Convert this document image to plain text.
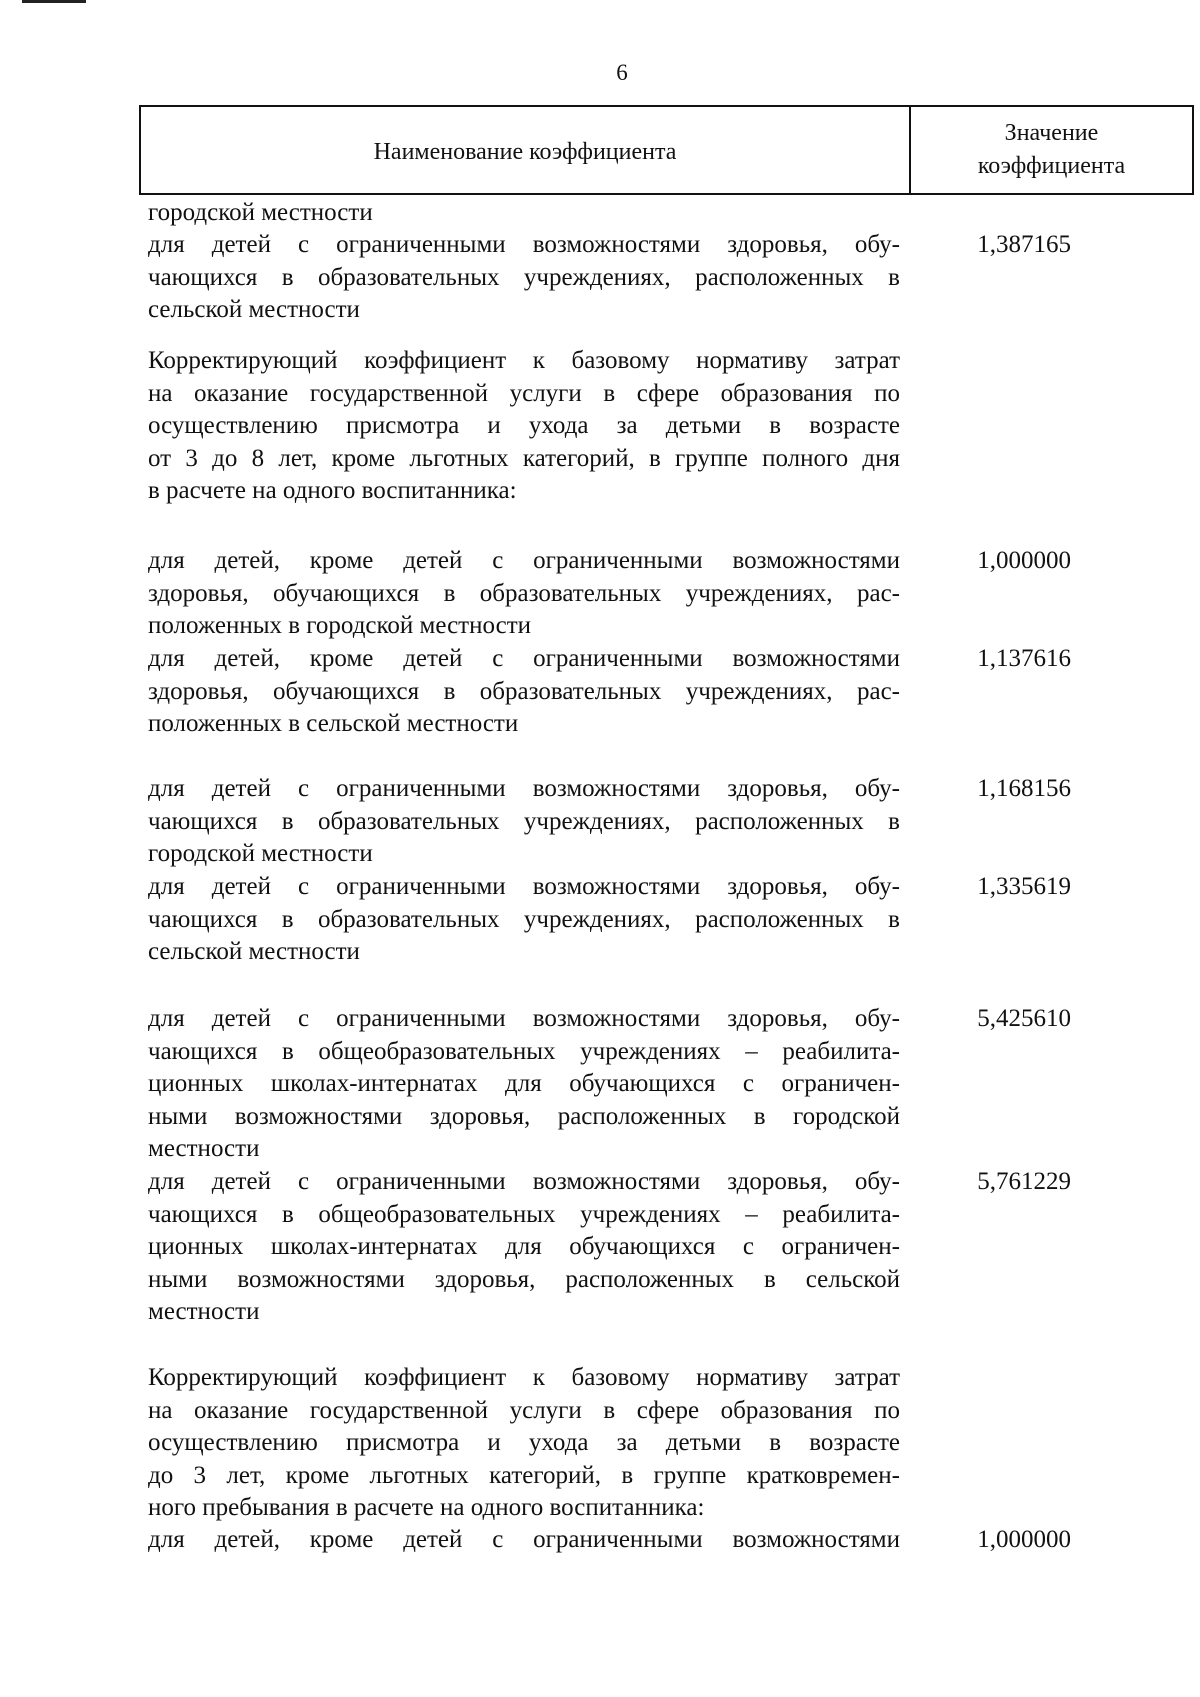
6
Наименование коэффициента
Значение
коэффициента
городской местности
для детей с ограниченными возможностями здоровья, обу-
чающихся в образовательных учреждениях, расположенных в
сельской местности
1,387165
Корректирующий коэффициент к базовому нормативу затрат
на оказание государственной услуги в сфере образования по
осуществлению присмотра и ухода за детьми в возрасте
от 3 до 8 лет, кроме льготных категорий, в группе полного дня
в расчете на одного воспитанника:
для детей, кроме детей с ограниченными возможностями
здоровья, обучающихся в образовательных учреждениях, рас-
положенных в городской местности
1,000000
для детей, кроме детей с ограниченными возможностями
здоровья, обучающихся в образовательных учреждениях, рас-
положенных в сельской местности
1,137616
для детей с ограниченными возможностями здоровья, обу-
чающихся в образовательных учреждениях, расположенных в
городской местности
1,168156
для детей с ограниченными возможностями здоровья, обу-
чающихся в образовательных учреждениях, расположенных в
сельской местности
1,335619
для детей с ограниченными возможностями здоровья, обу-
чающихся в общеобразовательных учреждениях – реабилита-
ционных школах-интернатах для обучающихся с ограничен-
ными возможностями здоровья, расположенных в городской
местности
5,425610
для детей с ограниченными возможностями здоровья, обу-
чающихся в общеобразовательных учреждениях – реабилита-
ционных школах-интернатах для обучающихся с ограничен-
ными возможностями здоровья, расположенных в сельской
местности
5,761229
Корректирующий коэффициент к базовому нормативу затрат
на оказание государственной услуги в сфере образования по
осуществлению присмотра и ухода за детьми в возрасте
до 3 лет, кроме льготных категорий, в группе кратковремен-
ного пребывания в расчете на одного воспитанника:
для детей, кроме детей с ограниченными возможностями	1,000000
